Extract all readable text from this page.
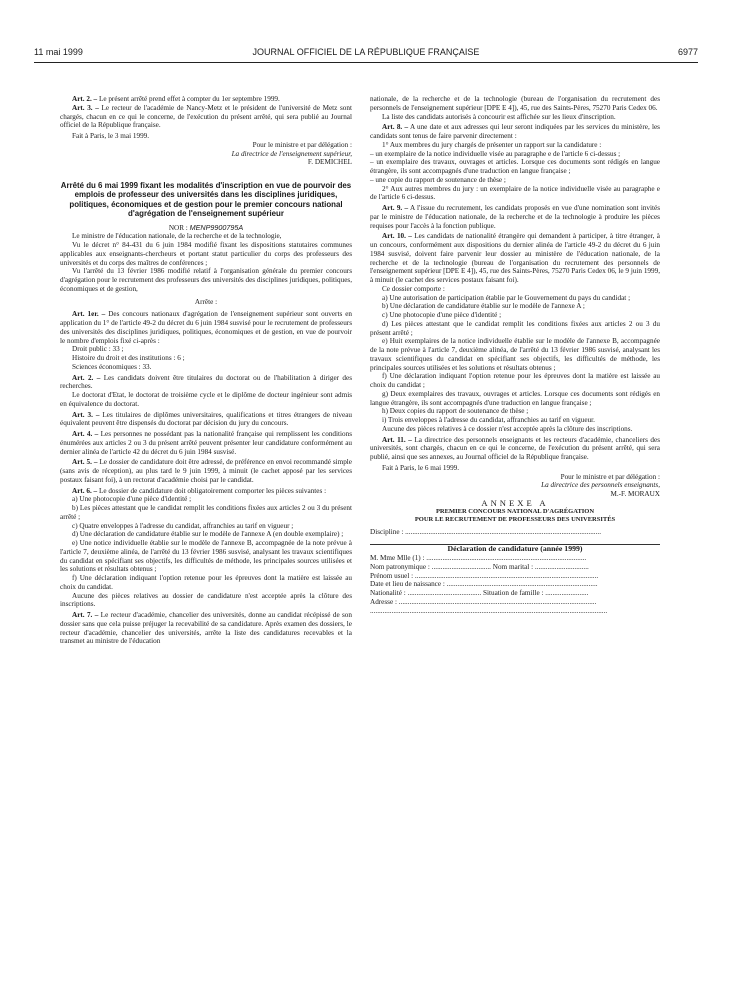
11 mai 1999	JOURNAL OFFICIEL DE LA RÉPUBLIQUE FRANÇAISE	6977

Art. 2. – Le présent arrêté prend effet à compter du 1er septembre 1999.

Art. 3. – Le recteur de l'académie de Nancy-Metz et le président de l'université de Metz sont chargés, chacun en ce qui le concerne, de l'exécution du présent arrêté, qui sera publié au Journal officiel de la République française.

Fait à Paris, le 3 mai 1999.

Pour le ministre et par délégation :

La directrice de l'enseignement supérieur,

F. DEMICHEL

Arrêté du 6 mai 1999 fixant les modalités d'inscription en vue de pourvoir des emplois de professeur des universités dans les disciplines juridiques, politiques, économiques et de gestion pour le premier concours national d'agrégation de l'enseignement supérieur

NOR : MENP9900795A

Le ministre de l'éducation nationale, de la recherche et de la technologie,

Vu le décret n° 84-431 du 6 juin 1984 modifié fixant les dispositions statutaires communes applicables aux enseignants-chercheurs et portant statut particulier du corps des professeurs des universités et du corps des maîtres de conférences ;

Vu l'arrêté du 13 février 1986 modifié relatif à l'organisation générale du premier concours d'agrégation pour le recrutement des professeurs des universités des disciplines juridiques, politiques, économiques et de gestion,

Arrête :

Art. 1er. – Des concours nationaux d'agrégation de l'enseignement supérieur sont ouverts en application du 1° de l'article 49-2 du décret du 6 juin 1984 susvisé pour le recrutement de professeurs des universités des disciplines juridiques, politiques, économiques et de gestion, en vue de pourvoir le nombre d'emplois fixé ci-après :

Droit public : 33 ;

Histoire du droit et des institutions : 6 ;

Sciences économiques : 33.

Art. 2. – Les candidats doivent être titulaires du doctorat ou de l'habilitation à diriger des recherches.

Le doctorat d'Etat, le doctorat de troisième cycle et le diplôme de docteur ingénieur sont admis en équivalence du doctorat.

Art. 3. – Les titulaires de diplômes universitaires, qualifications et titres étrangers de niveau équivalent peuvent être dispensés du doctorat par décision du jury du concours.

Art. 4. – Les personnes ne possédant pas la nationalité française qui remplissent les conditions énumérées aux articles 2 ou 3 du présent arrêté peuvent présenter leur candidature conformément au dernier alinéa de l'article 42 du décret du 6 juin 1984 susvisé.

Art. 5. – Le dossier de candidature doit être adressé, de préférence en envoi recommandé simple (sans avis de réception), au plus tard le 9 juin 1999, à minuit (le cachet apposé par les services postaux faisant foi), à un rectorat d'académie choisi par le candidat.

Art. 6. – Le dossier de candidature doit obligatoirement comporter les pièces suivantes :

a) Une photocopie d'une pièce d'identité ;

b) Les pièces attestant que le candidat remplit les conditions fixées aux articles 2 ou 3 du présent arrêté ;

c) Quatre enveloppes à l'adresse du candidat, affranchies au tarif en vigueur ;

d) Une déclaration de candidature établie sur le modèle de l'annexe A (en double exemplaire) ;

e) Une notice individuelle établie sur le modèle de l'annexe B, accompagnée de la note prévue à l'article 7, deuxième alinéa, de l'arrêté du 13 février 1986 susvisé, analysant les travaux scientifiques du candidat en spécifiant ses objectifs, les difficultés de méthode, les principales sources utilisées et les solutions et résultats obtenus ;

f) Une déclaration indiquant l'option retenue pour les épreuves dont la matière est laissée au choix du candidat.

Aucune des pièces relatives au dossier de candidature n'est acceptée après la clôture des inscriptions.

Art. 7. – Le recteur d'académie, chancelier des universités, donne au candidat récépissé de son dossier sans que cela puisse préjuger la recevabilité de sa candidature. Après examen des dossiers, le recteur d'académie, chancelier des universités, arrête la liste des candidatures recevables et la transmet au ministre de l'éducation

nationale, de la recherche et de la technologie (bureau de l'organisation du recrutement des personnels de l'enseignement supérieur [DPE E 4]), 45, rue des Saints-Pères, 75270 Paris Cedex 06.

La liste des candidats autorisés à concourir est affichée sur les lieux d'inscription.

Art. 8. – A une date et aux adresses qui leur seront indiquées par les services du ministère, les candidats sont tenus de faire parvenir directement :

1° Aux membres du jury chargés de présenter un rapport sur la candidature :

– un exemplaire de la notice individuelle visée au paragraphe e de l'article 6 ci-dessus ;

– un exemplaire des travaux, ouvrages et articles. Lorsque ces documents sont rédigés en langue étrangère, ils sont accompagnés d'une traduction en langue française ;

– une copie du rapport de soutenance de thèse ;

2° Aux autres membres du jury : un exemplaire de la notice individuelle visée au paragraphe e de l'article 6 ci-dessus.

Art. 9. – A l'issue du recrutement, les candidats proposés en vue d'une nomination sont invités par le ministre de l'éducation nationale, de la recherche et de la technologie à produire les pièces requises pour l'accès à la fonction publique.

Art. 10. – Les candidats de nationalité étrangère qui demandent à participer, à titre étranger, à un concours, conformément aux dispositions du dernier alinéa de l'article 49-2 du décret du 6 juin 1984 susvisé, doivent faire parvenir leur dossier au ministère de l'éducation nationale, de la recherche et de la technologie (bureau de l'organisation du recrutement des personnels de l'enseignement supérieur [DPE E 4]), 45, rue des Saints-Pères, 75270 Paris Cedex 06, le 9 juin 1999, à minuit (le cachet des services postaux faisant foi).

Ce dossier comporte :

a) Une autorisation de participation établie par le Gouvernement du pays du candidat ;

b) Une déclaration de candidature établie sur le modèle de l'annexe A ;

c) Une photocopie d'une pièce d'identité ;

d) Les pièces attestant que le candidat remplit les conditions fixées aux articles 2 ou 3 du présent arrêté ;

e) Huit exemplaires de la notice individuelle établie sur le modèle de l'annexe B, accompagnée de la note prévue à l'article 7, deuxième alinéa, de l'arrêté du 13 février 1986 susvisé, analysant les travaux scientifiques du candidat en spécifiant ses objectifs, les difficultés de méthode, les principales sources utilisées et les solutions et résultats obtenus ;

f) Une déclaration indiquant l'option retenue pour les épreuves dont la matière est laissée au choix du candidat ;

g) Deux exemplaires des travaux, ouvrages et articles. Lorsque ces documents sont rédigés en langue étrangère, ils sont accompagnés d'une traduction en langue française ;

h) Deux copies du rapport de soutenance de thèse ;

i) Trois enveloppes à l'adresse du candidat, affranchies au tarif en vigueur.

Aucune des pièces relatives à ce dossier n'est acceptée après la clôture des inscriptions.

Art. 11. – La directrice des personnels enseignants et les recteurs d'académie, chanceliers des universités, sont chargés, chacun en ce qui le concerne, de l'exécution du présent arrêté, qui sera publié, ainsi que ses annexes, au Journal officiel de la République française.

Fait à Paris, le 6 mai 1999.

Pour le ministre et par délégation :

La directrice des personnels enseignants,

M.-F. MORAUX

ANNEXE A

PREMIER CONCOURS NATIONAL D'AGRÉGATION

POUR LE RECRUTEMENT DE PROFESSEURS DES UNIVERSITÉS

Discipline : .............................................................................................................

Déclaration de candidature (année 1999)

M. Mme Mlle (1) : .........................................................................................

Nom patronymique : ................................. Nom marital : ..............................

Prénom usuel : ......................................................................................................

Date et lieu de naissance : ....................................................................................

Nationalité : ......................................... Situation de famille : ........................

Adresse : ..............................................................................................................

....................................................................................................................................
